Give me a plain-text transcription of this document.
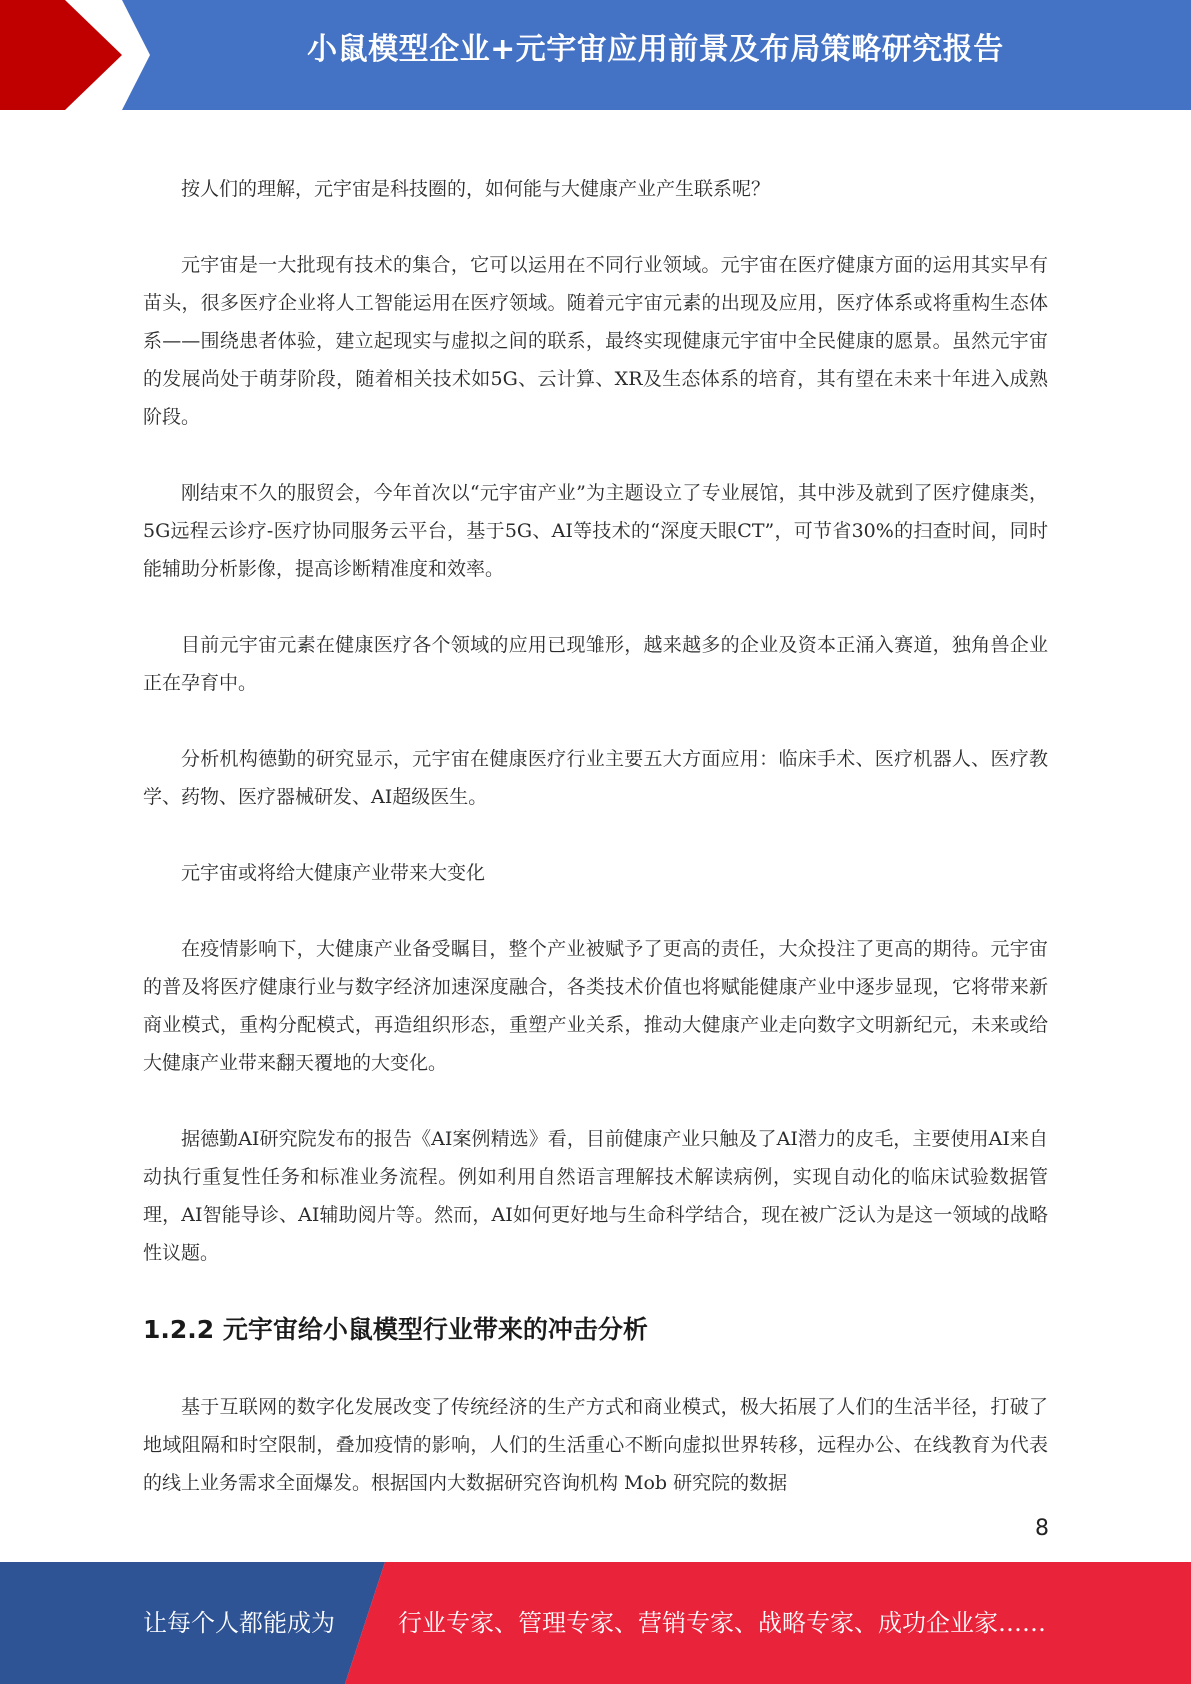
小鼠模型企业+元宇宙应用前景及布局策略研究报告

按人们的理解，元宇宙是科技圈的，如何能与大健康产业产生联系呢？

元宇宙是一大批现有技术的集合，它可以运用在不同行业领域。元宇宙在医疗健康方面的运用其实早有苗头，很多医疗企业将人工智能运用在医疗领域。随着元宇宙元素的出现及应用，医疗体系或将重构生态体系——围绕患者体验，建立起现实与虚拟之间的联系，最终实现健康元宇宙中全民健康的愿景。虽然元宇宙的发展尚处于萌芽阶段，随着相关技术如5G、云计算、XR及生态体系的培育，其有望在未来十年进入成熟阶段。

刚结束不久的服贸会，今年首次以“元宇宙产业”为主题设立了专业展馆，其中涉及就到了医疗健康类，5G远程云诊疗-医疗协同服务云平台，基于5G、AI等技术的“深度天眼CT”，可节省30%的扫查时间，同时能辅助分析影像，提高诊断精准度和效率。

目前元宇宙元素在健康医疗各个领域的应用已现雏形，越来越多的企业及资本正涌入赛道，独角兽企业正在孕育中。

分析机构德勤的研究显示，元宇宙在健康医疗行业主要五大方面应用：临床手术、医疗机器人、医疗教学、药物、医疗器械研发、AI超级医生。

元宇宙或将给大健康产业带来大变化

在疫情影响下，大健康产业备受瞩目，整个产业被赋予了更高的责任，大众投注了更高的期待。元宇宙的普及将医疗健康行业与数字经济加速深度融合，各类技术价值也将赋能健康产业中逐步显现，它将带来新商业模式，重构分配模式，再造组织形态，重塑产业关系，推动大健康产业走向数字文明新纪元，未来或给大健康产业带来翻天覆地的大变化。

据德勤AI研究院发布的报告《AI案例精选》看，目前健康产业只触及了AI潜力的皮毛，主要使用AI来自动执行重复性任务和标准业务流程。例如利用自然语言理解技术解读病例，实现自动化的临床试验数据管理，AI智能导诊、AI辅助阅片等。然而，AI如何更好地与生命科学结合，现在被广泛认为是这一领域的战略性议题。

1.2.2 元宇宙给小鼠模型行业带来的冲击分析

基于互联网的数字化发展改变了传统经济的生产方式和商业模式，极大拓展了人们的生活半径，打破了地域阻隔和时空限制，叠加疫情的影响，人们的生活重心不断向虚拟世界转移，远程办公、在线教育为代表的线上业务需求全面爆发。根据国内大数据研究咨询机构 Mob 研究院的数据

8
让每个人都能成为	行业专家、管理专家、营销专家、战略专家、成功企业家……
